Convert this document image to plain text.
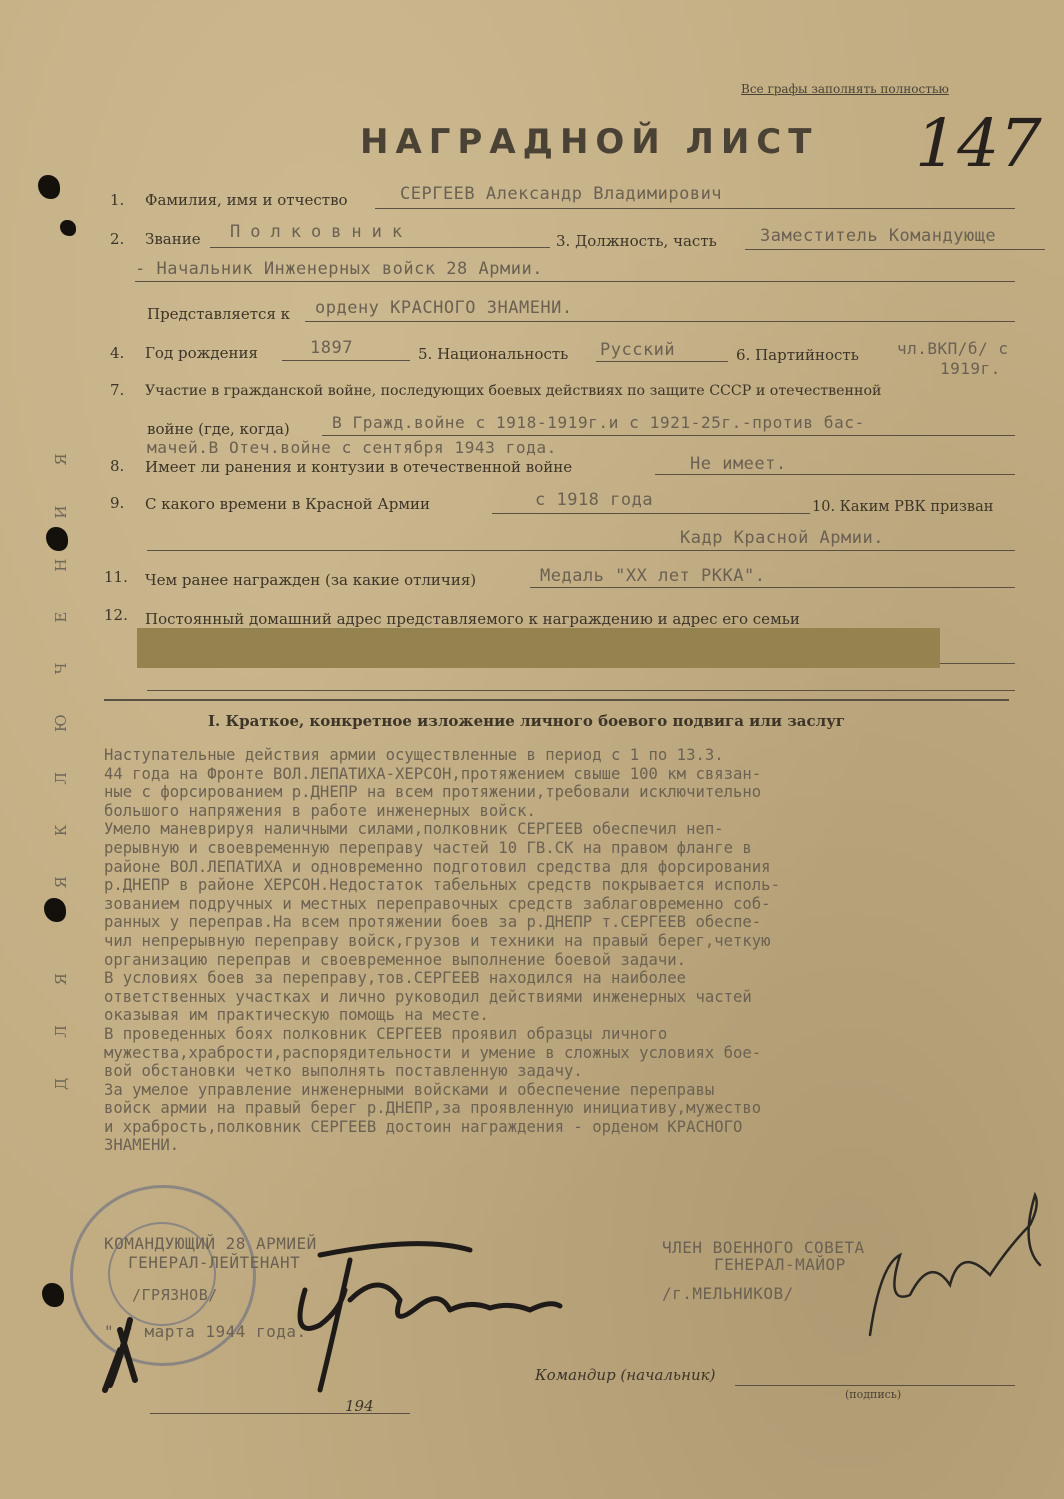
ДЛЯ ЯКЛЮЧЕНИЯ
Все графы заполнять полностью
НАГРАДНОЙ ЛИСТ 147
1. Фамилия, имя и отчество	СЕРГЕЕВ Александр Владимирович
2. Звание Полковник	3. Должность, часть	Заместитель Командующе
- Начальник Инженерных войск 28 Армии.
Представляется к ордену КРАСНОГО ЗНАМЕНИ.
4. Год рождения	1897	5. Национальность Русский	6. Партийность чл.ВКП/б/ с
1919г.
7. Участие в гражданской войне, последующих боевых действиях по защите СССР и отечественной
войне (где, когда)	В Гражд.войне с 1918-1919г.и с 1921-25г.-против бас-
мачей.В Отеч.войне с сентября 1943 года.
8. Имеет ли ранения и контузии в отечественной войне	Не имеет.
9. С какого времени в Красной Армии	с 1918 года	10. Каким РВК призван
Кадр Красной Армии.
11. Чем ранее награжден (за какие отличия)	Медаль "XX лет РККА".
12. Постоянный домашний адрес представляемого к награждению и адрес его семьи
I. Краткое, конкретное изложение личного боевого подвига или заслуг
Наступательные действия армии осуществленные в период с 1 по 13.3.
44 года на Фронте ВОЛ.ЛЕПАТИХА-ХЕРСОН,протяжением свыше 100 км связан-
ные с форсированием р.ДНЕПР на всем протяжении,требовали исключительно
большого напряжения в работе инженерных войск.
Умело маневрируя наличными силами,полковник СЕРГЕЕВ обеспечил неп-
рерывную и своевременную переправу частей 10 ГВ.СК на правом фланге в
районе ВОЛ.ЛЕПАТИХА и одновременно подготовил средства для форсирования
р.ДНЕПР в районе ХЕРСОН.Недостаток табельных средств покрывается исполь-
зованием подручных и местных переправочных средств заблаговременно соб-
ранных у переправ.На всем протяжении боев за р.ДНЕПР т.СЕРГЕЕВ обеспе-
чил непрерывную переправу войск,грузов и техники на правый берег,четкую
организацию переправ и своевременное выполнение боевой задачи.
В условиях боев за переправу,тов.СЕРГЕЕВ находился на наиболее
ответственных участках и лично руководил действиями инженерных частей
оказывая им практическую помощь на месте.
В проведенных боях полковник СЕРГЕЕВ проявил образцы личного
мужества,храбрости,распорядительности и умение в сложных условиях бое-
вой обстановки четко выполнять поставленную задачу.
За умелое управление инженерными войсками и обеспечение переправы
войск армии на правый берег р.ДНЕПР,за проявленную инициативу,мужество
и храбрость,полковник СЕРГЕЕВ достоин награждения - орденом КРАСНОГО
ЗНАМЕНИ.
КОМАНДУЮЩИЙ 28 АРМИЕЙ
ГЕНЕРАЛ-ЛЕЙТЕНАНТ
/ГРЯЗНОВ/
" " марта 1944 года.
ЧЛЕН ВОЕННОГО СОВЕТА
ГЕНЕРАЛ-МАЙОР
/г.МЕЛЬНИКОВ/
Командир (начальник)
(подпись)
194
